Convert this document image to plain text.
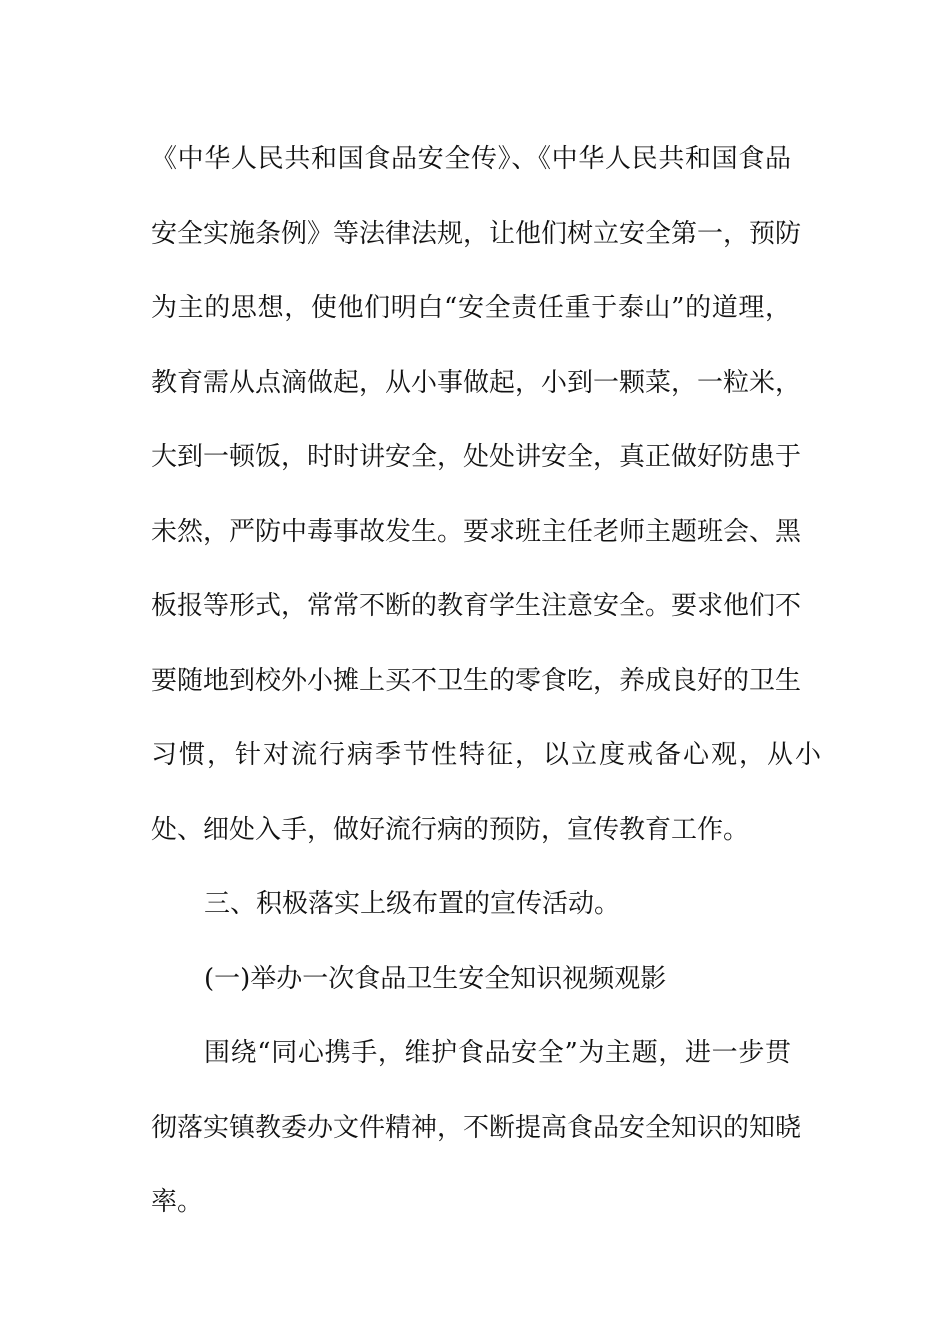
《中华人民共和国食品安全传》、《中华人民共和国食品
安全实施条例》等法律法规，让他们树立安全第一，预防
为主的思想，使他们明白“安全责任重于泰山”的道理，
教育需从点滴做起，从小事做起，小到一颗菜，一粒米，
大到一顿饭，时时讲安全，处处讲安全，真正做好防患于
未然，严防中毒事故发生。要求班主任老师主题班会、黑
板报等形式，常常不断的教育学生注意安全。要求他们不
要随地到校外小摊上买不卫生的零食吃，养成良好的卫生
习惯，针对流行病季节性特征，以立度戒备心观，从小
处、细处入手，做好流行病的预防，宣传教育工作。
三、积极落实上级布置的宣传活动。
(一)举办一次食品卫生安全知识视频观影
围绕“同心携手，维护食品安全”为主题，进一步贯
彻落实镇教委办文件精神，不断提高食品安全知识的知晓
率。
